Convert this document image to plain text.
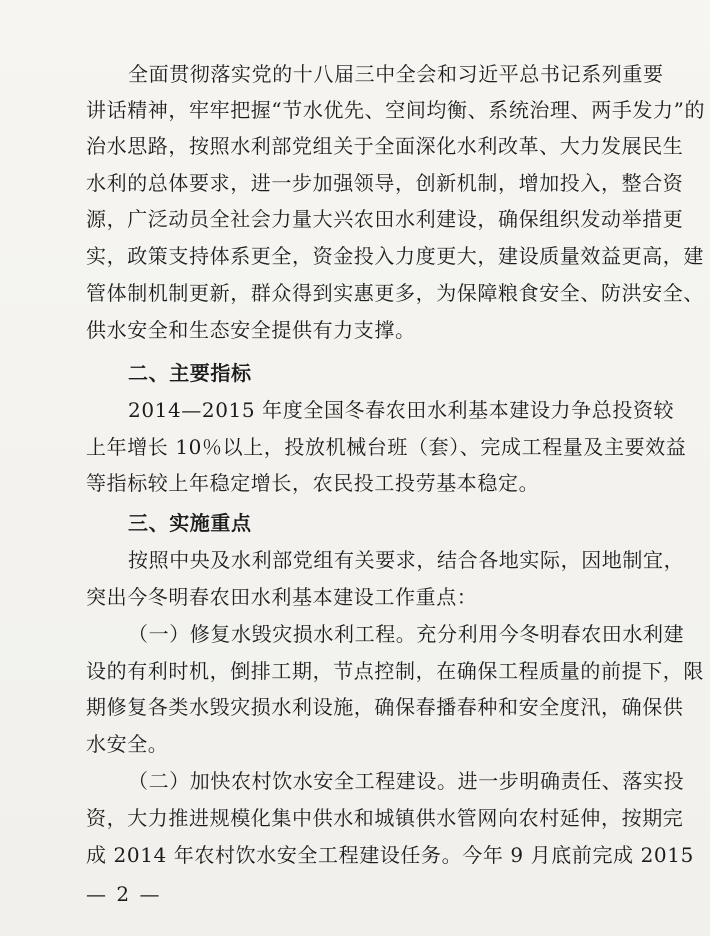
全面贯彻落实党的十八届三中全会和习近平总书记系列重要
讲话精神，牢牢把握“节水优先、空间均衡、系统治理、两手发力”的
治水思路，按照水利部党组关于全面深化水利改革、大力发展民生
水利的总体要求，进一步加强领导，创新机制，增加投入，整合资
源，广泛动员全社会力量大兴农田水利建设，确保组织发动举措更
实，政策支持体系更全，资金投入力度更大，建设质量效益更高，建
管体制机制更新，群众得到实惠更多，为保障粮食安全、防洪安全、
供水安全和生态安全提供有力支撑。
二、主要指标
2014—2015 年度全国冬春农田水利基本建设力争总投资较
上年增长 10％以上，投放机械台班（套）、完成工程量及主要效益
等指标较上年稳定增长，农民投工投劳基本稳定。
三、实施重点
按照中央及水利部党组有关要求，结合各地实际，因地制宜，
突出今冬明春农田水利基本建设工作重点：
（一）修复水毁灾损水利工程。充分利用今冬明春农田水利建
设的有利时机，倒排工期，节点控制，在确保工程质量的前提下，限
期修复各类水毁灾损水利设施，确保春播春种和安全度汛，确保供
水安全。
（二）加快农村饮水安全工程建设。进一步明确责任、落实投
资，大力推进规模化集中供水和城镇供水管网向农村延伸，按期完
成 2014 年农村饮水安全工程建设任务。今年 9 月底前完成 2015
— 2 —
